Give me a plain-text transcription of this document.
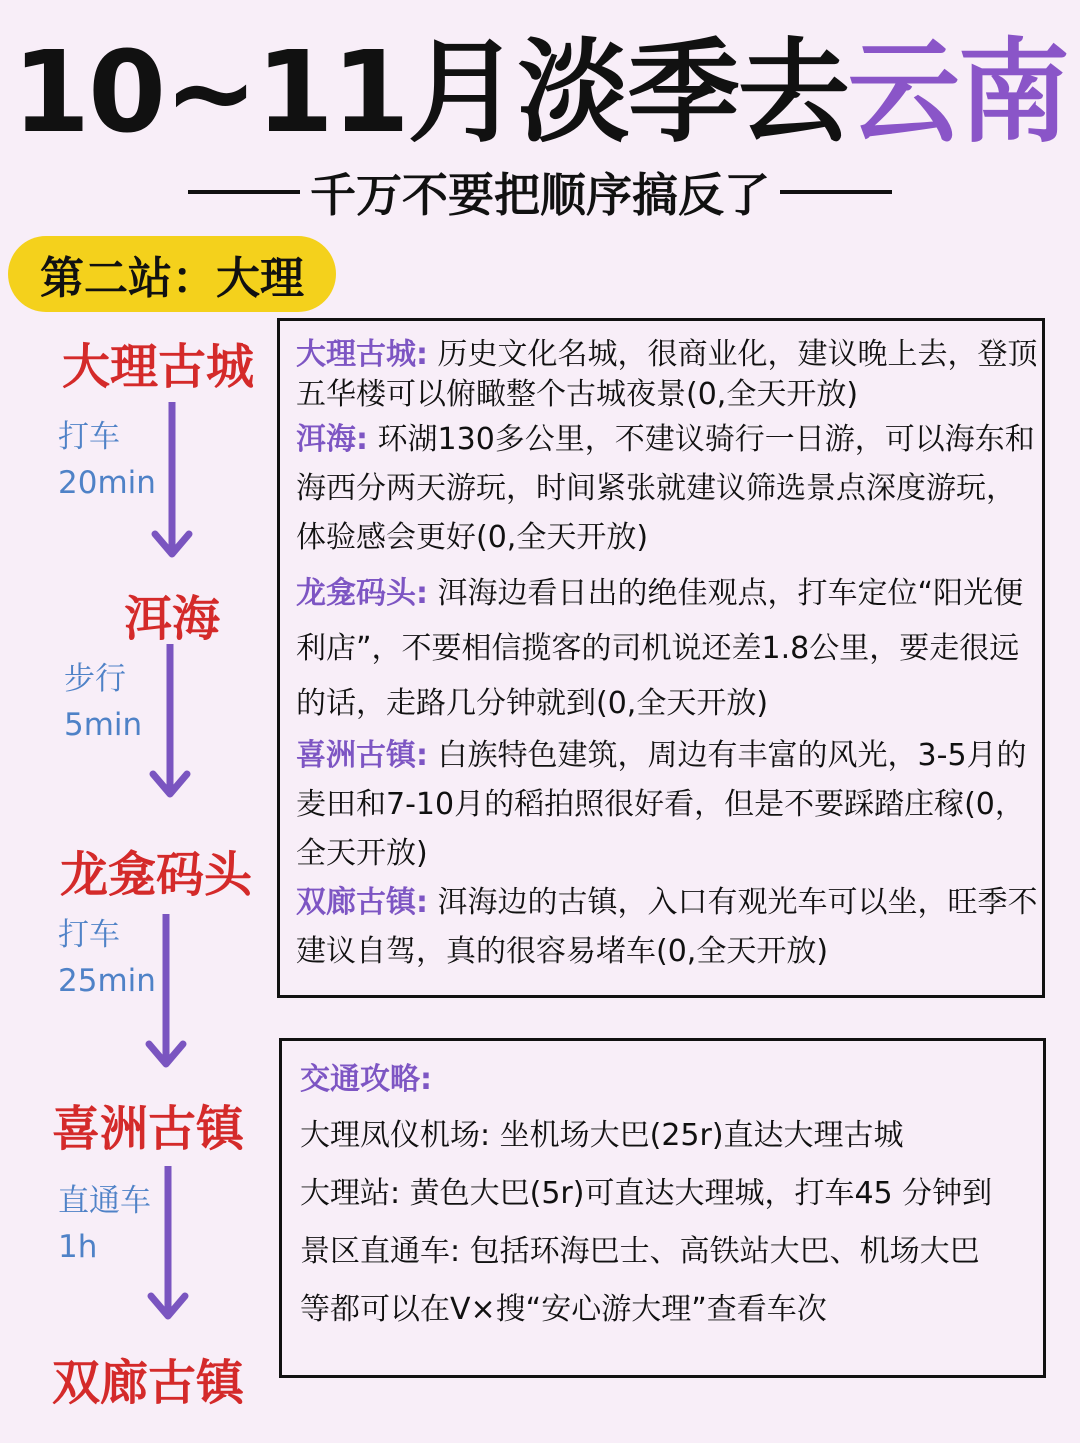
10~11月淡季去 云南
千万不要把顺序搞反了
第二站：大理
大理古城
打车
20min
洱海
步行
5min
龙龛码头
打车
25min
喜洲古镇
直通车
1h
双廊古镇
大理古城: 历史文化名城，很商业化，建议晚上去，登顶五华楼可以俯瞰整个古城夜景(0,全天开放)
洱海: 环湖130多公里，不建议骑行一日游，可以海东和海西分两天游玩，时间紧张就建议筛选景点深度游玩，体验感会更好(0,全天开放)
龙龛码头: 洱海边看日出的绝佳观点，打车定位“阳光便利店”，不要相信揽客的司机说还差1.8公里，要走很远的话，走路几分钟就到(0,全天开放)
喜洲古镇: 白族特色建筑，周边有丰富的风光，3-5月的麦田和7-10月的稻拍照很好看，但是不要踩踏庄稼(0，全天开放)
双廊古镇: 洱海边的古镇，入口有观光车可以坐，旺季不建议自驾，真的很容易堵车(0,全天开放)
交通攻略:
大理凤仪机场: 坐机场大巴(25r)直达大理古城
大理站: 黄色大巴(5r)可直达大理城，打车45 分钟到
景区直通车: 包括环海巴士、高铁站大巴、机场大巴
等都可以在V×搜“安心游大理”查看车次
